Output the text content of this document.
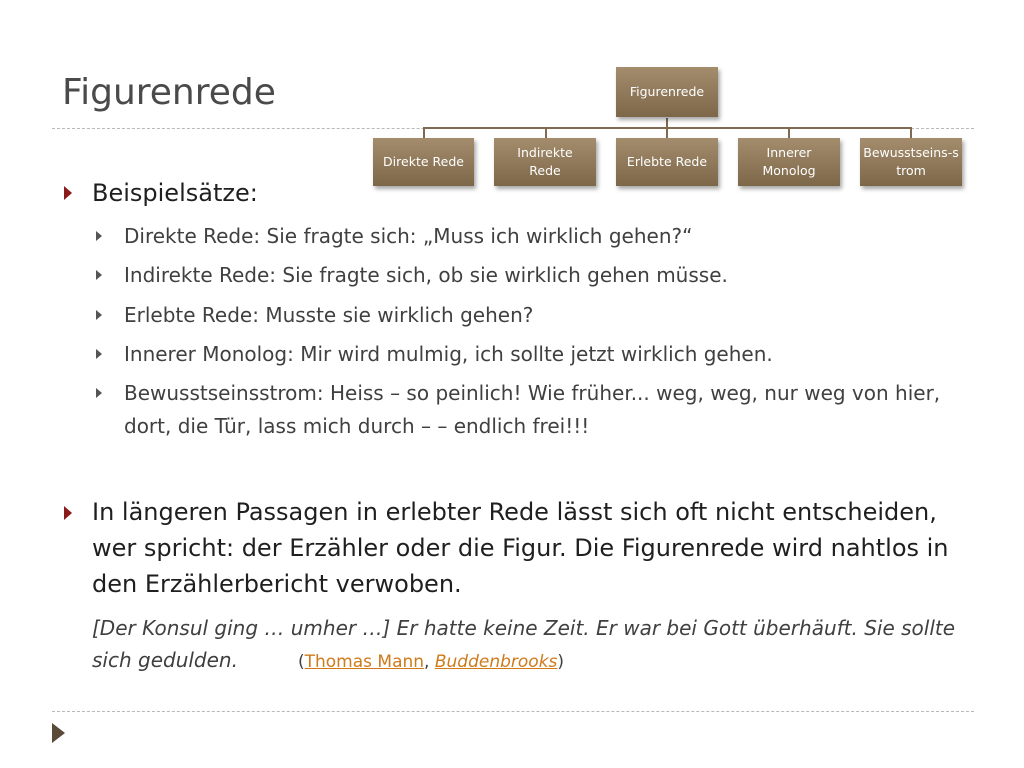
Figurenrede	Figurenrede
Direkte Rede
Indirekte Rede
Erlebte Rede
Innerer Monolog
Bewusstseins-strom
Beispielsätze:
Direkte Rede: Sie fragte sich: „Muss ich wirklich gehen?“
Indirekte Rede: Sie fragte sich, ob sie wirklich gehen müsse.
Erlebte Rede: Musste sie wirklich gehen?
Innerer Monolog: Mir wird mulmig, ich sollte jetzt wirklich gehen.
Bewusstseinsstrom: Heiss – so peinlich! Wie früher... weg, weg, nur weg von hier, dort, die Tür, lass mich durch – – endlich frei!!!
In längeren Passagen in erlebter Rede lässt sich oft nicht entscheiden, wer spricht: der Erzähler oder die Figur. Die Figurenrede wird nahtlos in den Erzählerbericht verwoben.
[Der Konsul ging … umher …] Er hatte keine Zeit. Er war bei Gott überhäuft. Sie sollte sich gedulden.	(Thomas Mann, Buddenbrooks)
